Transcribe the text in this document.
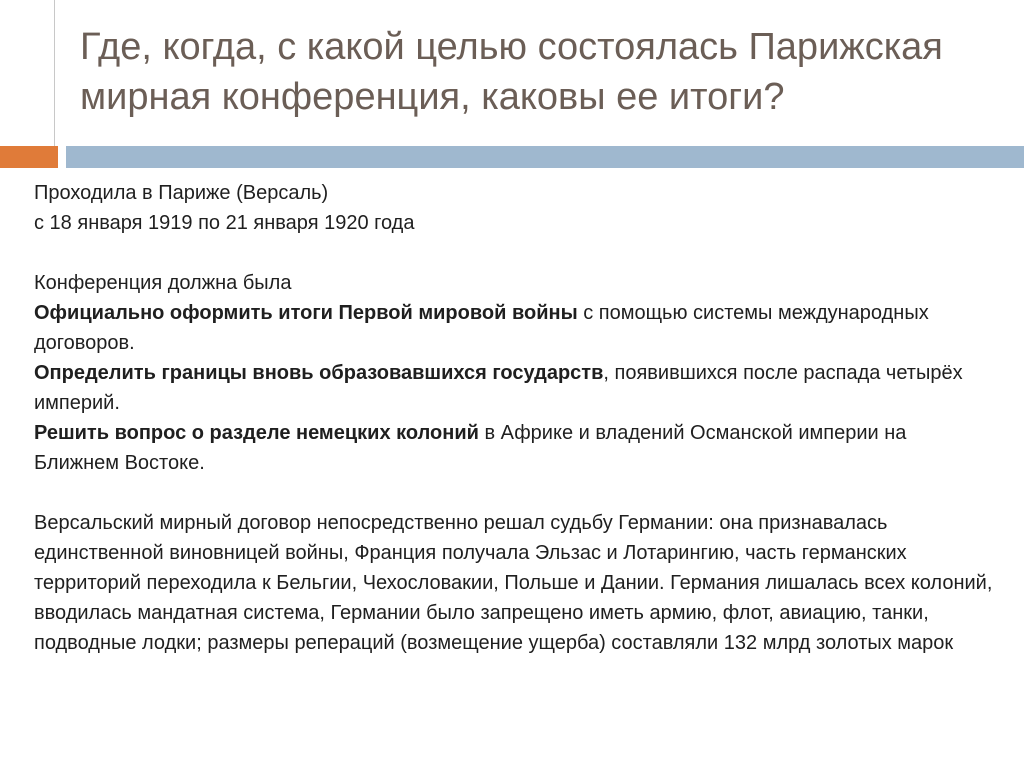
Где, когда, с какой целью состоялась Парижская мирная конференция, каковы ее итоги?

Проходила в Париже (Версаль)

с 18 января 1919 по 21 января 1920 года

Конференция должна была

Официально оформить итоги Первой мировой войны с помощью системы международных договоров.

Определить границы вновь образовавшихся государств, появившихся после распада четырёх империй.

Решить вопрос о разделе немецких колоний в Африке и владений Османской империи на Ближнем Востоке.

Версальский мирный договор непосредственно решал судьбу Германии: она признавалась единственной виновницей войны, Франция получала Эльзас и Лотарингию, часть германских территорий переходила к Бельгии, Чехословакии, Польше и Дании. Германия лишалась всех колоний, вводилась мандатная система, Германии было запрещено иметь армию, флот, авиацию, танки, подводные лодки; размеры репераций (возмещение ущерба) составляли 132 млрд золотых марок
